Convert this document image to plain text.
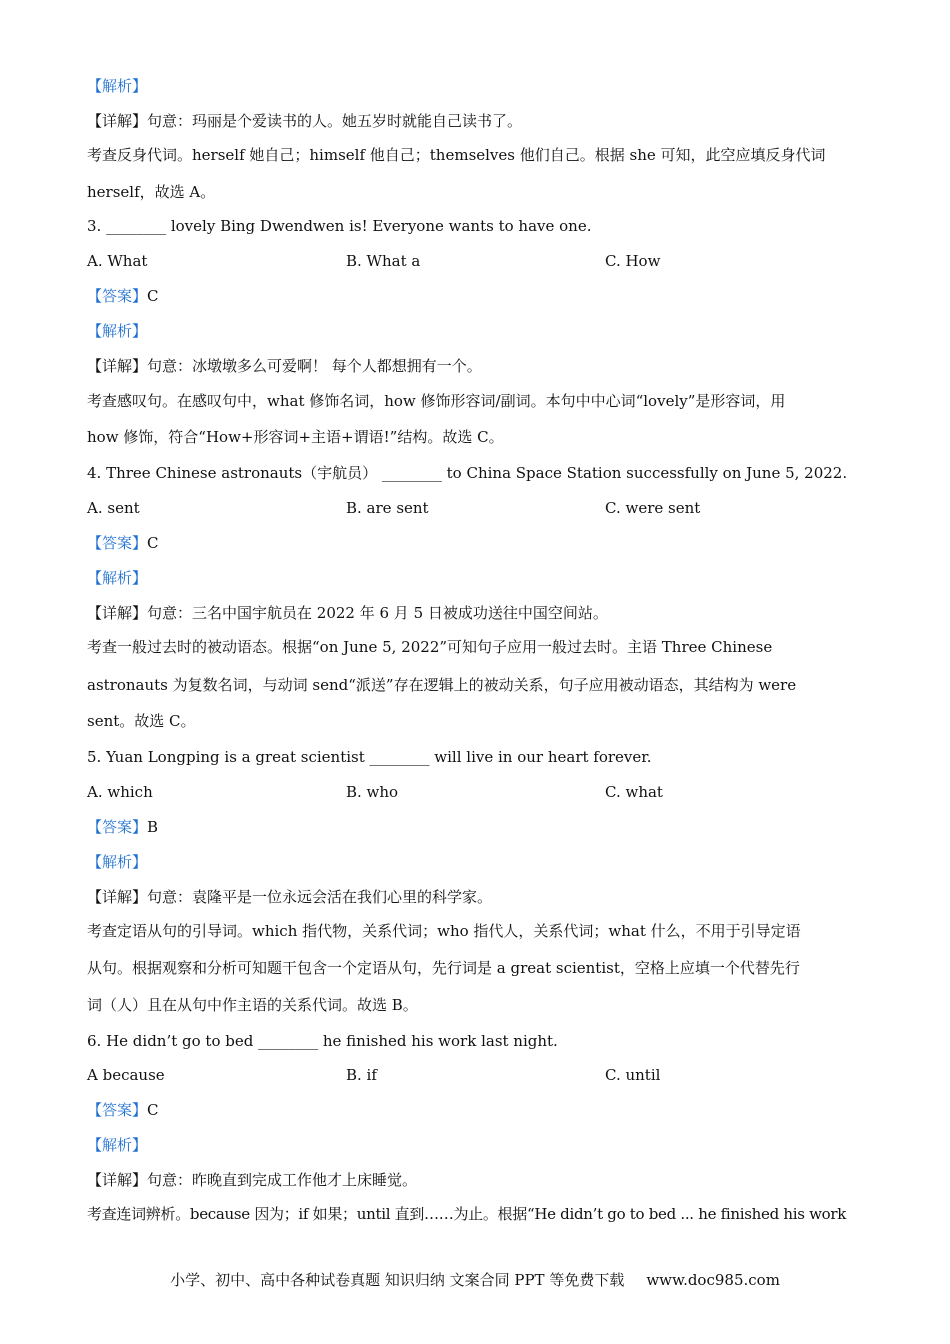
【解析】
【详解】句意：玛丽是个爱读书的人。她五岁时就能自己读书了。
考查反身代词。herself 她自己；himself 他自己；themselves 他们自己。根据 she 可知，此空应填反身代词
herself，故选 A。
3. ________ lovely Bing Dwendwen is! Everyone wants to have one.
A. What	B. What a	C. How
【答案】C
【解析】
【详解】句意：冰墩墩多么可爱啊！ 每个人都想拥有一个。
考查感叹句。在感叹句中，what 修饰名词，how 修饰形容词/副词。本句中中心词“lovely”是形容词，用
how 修饰，符合“How+形容词+主语+谓语!”结构。故选 C。
4. Three Chinese astronauts（宇航员） ________ to China Space Station successfully on June 5, 2022.
A. sent	B. are sent	C. were sent
【答案】C
【解析】
【详解】句意：三名中国宇航员在 2022 年 6 月 5 日被成功送往中国空间站。
考查一般过去时的被动语态。根据“on June 5, 2022”可知句子应用一般过去时。主语 Three Chinese
astronauts 为复数名词，与动词 send“派送”存在逻辑上的被动关系，句子应用被动语态，其结构为 were
sent。故选 C。
5. Yuan Longping is a great scientist ________ will live in our heart forever.
A. which	B. who	C. what
【答案】B
【解析】
【详解】句意：袁隆平是一位永远会活在我们心里的科学家。
考查定语从句的引导词。which 指代物，关系代词；who 指代人，关系代词；what 什么，不用于引导定语
从句。根据观察和分析可知题干包含一个定语从句，先行词是 a great scientist，空格上应填一个代替先行
词（人）且在从句中作主语的关系代词。故选 B。
6. He didn’t go to bed ________ he finished his work last night.
A because	B. if	C. until
【答案】C
【解析】
【详解】句意：昨晚直到完成工作他才上床睡觉。
考查连词辨析。because 因为；if 如果；until 直到……为止。根据“He didn’t go to bed ... he finished his work
小学、初中、高中各种试卷真题 知识归纳 文案合同 PPT 等免费下载 www.doc985.com
